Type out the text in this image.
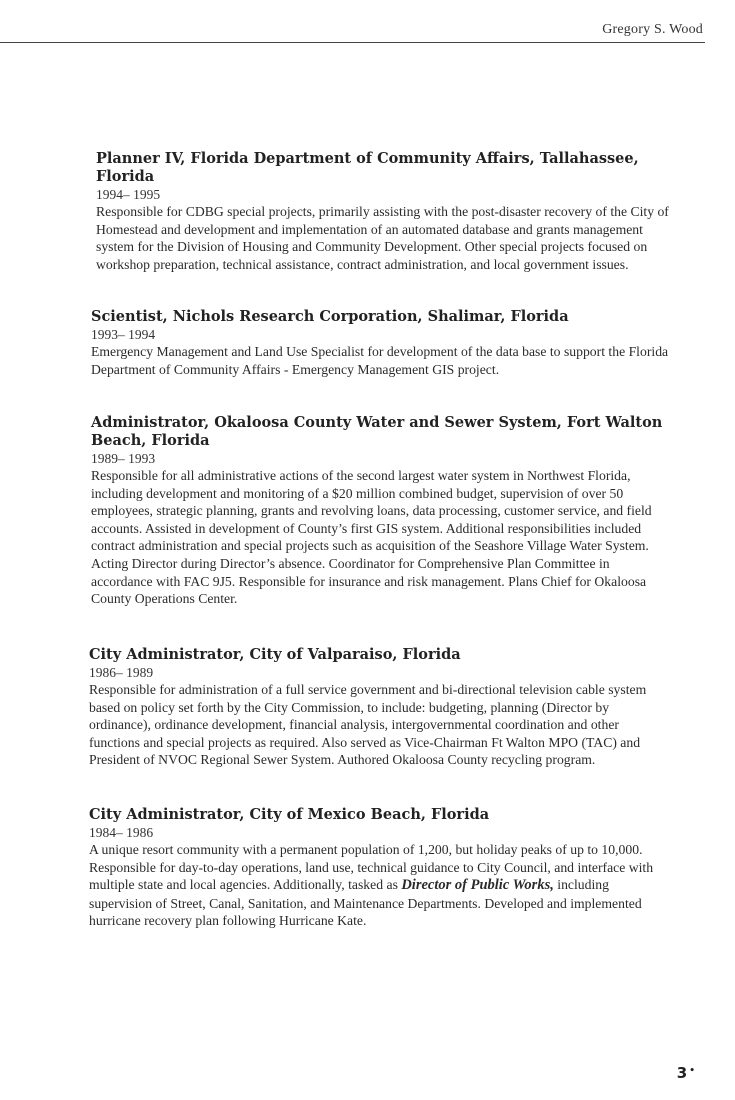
Gregory S. Wood
Planner IV, Florida Department of Community Affairs, Tallahassee, Florida
1994– 1995
Responsible for CDBG special projects, primarily assisting with the post-disaster recovery of the City of Homestead and development and implementation of an automated database and grants management system for the Division of Housing and Community Development. Other special projects focused on workshop preparation, technical assistance, contract administration, and local government issues.
Scientist, Nichols Research Corporation, Shalimar, Florida
1993– 1994
Emergency Management and Land Use Specialist for development of the data base to support the Florida Department of Community Affairs - Emergency Management GIS project.
Administrator, Okaloosa County Water and Sewer System, Fort Walton Beach, Florida
1989– 1993
Responsible for all administrative actions of the second largest water system in Northwest Florida, including development and monitoring of a $20 million combined budget, supervision of over 50 employees, strategic planning, grants and revolving loans, data processing, customer service, and field accounts. Assisted in development of County’s first GIS system. Additional responsibilities included contract administration and special projects such as acquisition of the Seashore Village Water System. Acting Director during Director’s absence. Coordinator for Comprehensive Plan Committee in accordance with FAC 9J5. Responsible for insurance and risk management. Plans Chief for Okaloosa County Operations Center.
City Administrator, City of Valparaiso, Florida
1986– 1989
Responsible for administration of a full service government and bi-directional television cable system based on policy set forth by the City Commission, to include: budgeting, planning (Director by ordinance), ordinance development, financial analysis, intergovernmental coordination and other functions and special projects as required. Also served as Vice-Chairman Ft Walton MPO (TAC) and President of NVOC Regional Sewer System. Authored Okaloosa County recycling program.
City Administrator, City of Mexico Beach, Florida
1984– 1986
A unique resort community with a permanent population of 1,200, but holiday peaks of up to 10,000. Responsible for day-to-day operations, land use, technical guidance to City Council, and interface with multiple state and local agencies. Additionally, tasked as Director of Public Works, including supervision of Street, Canal, Sanitation, and Maintenance Departments. Developed and implemented hurricane recovery plan following Hurricane Kate.
3 •
